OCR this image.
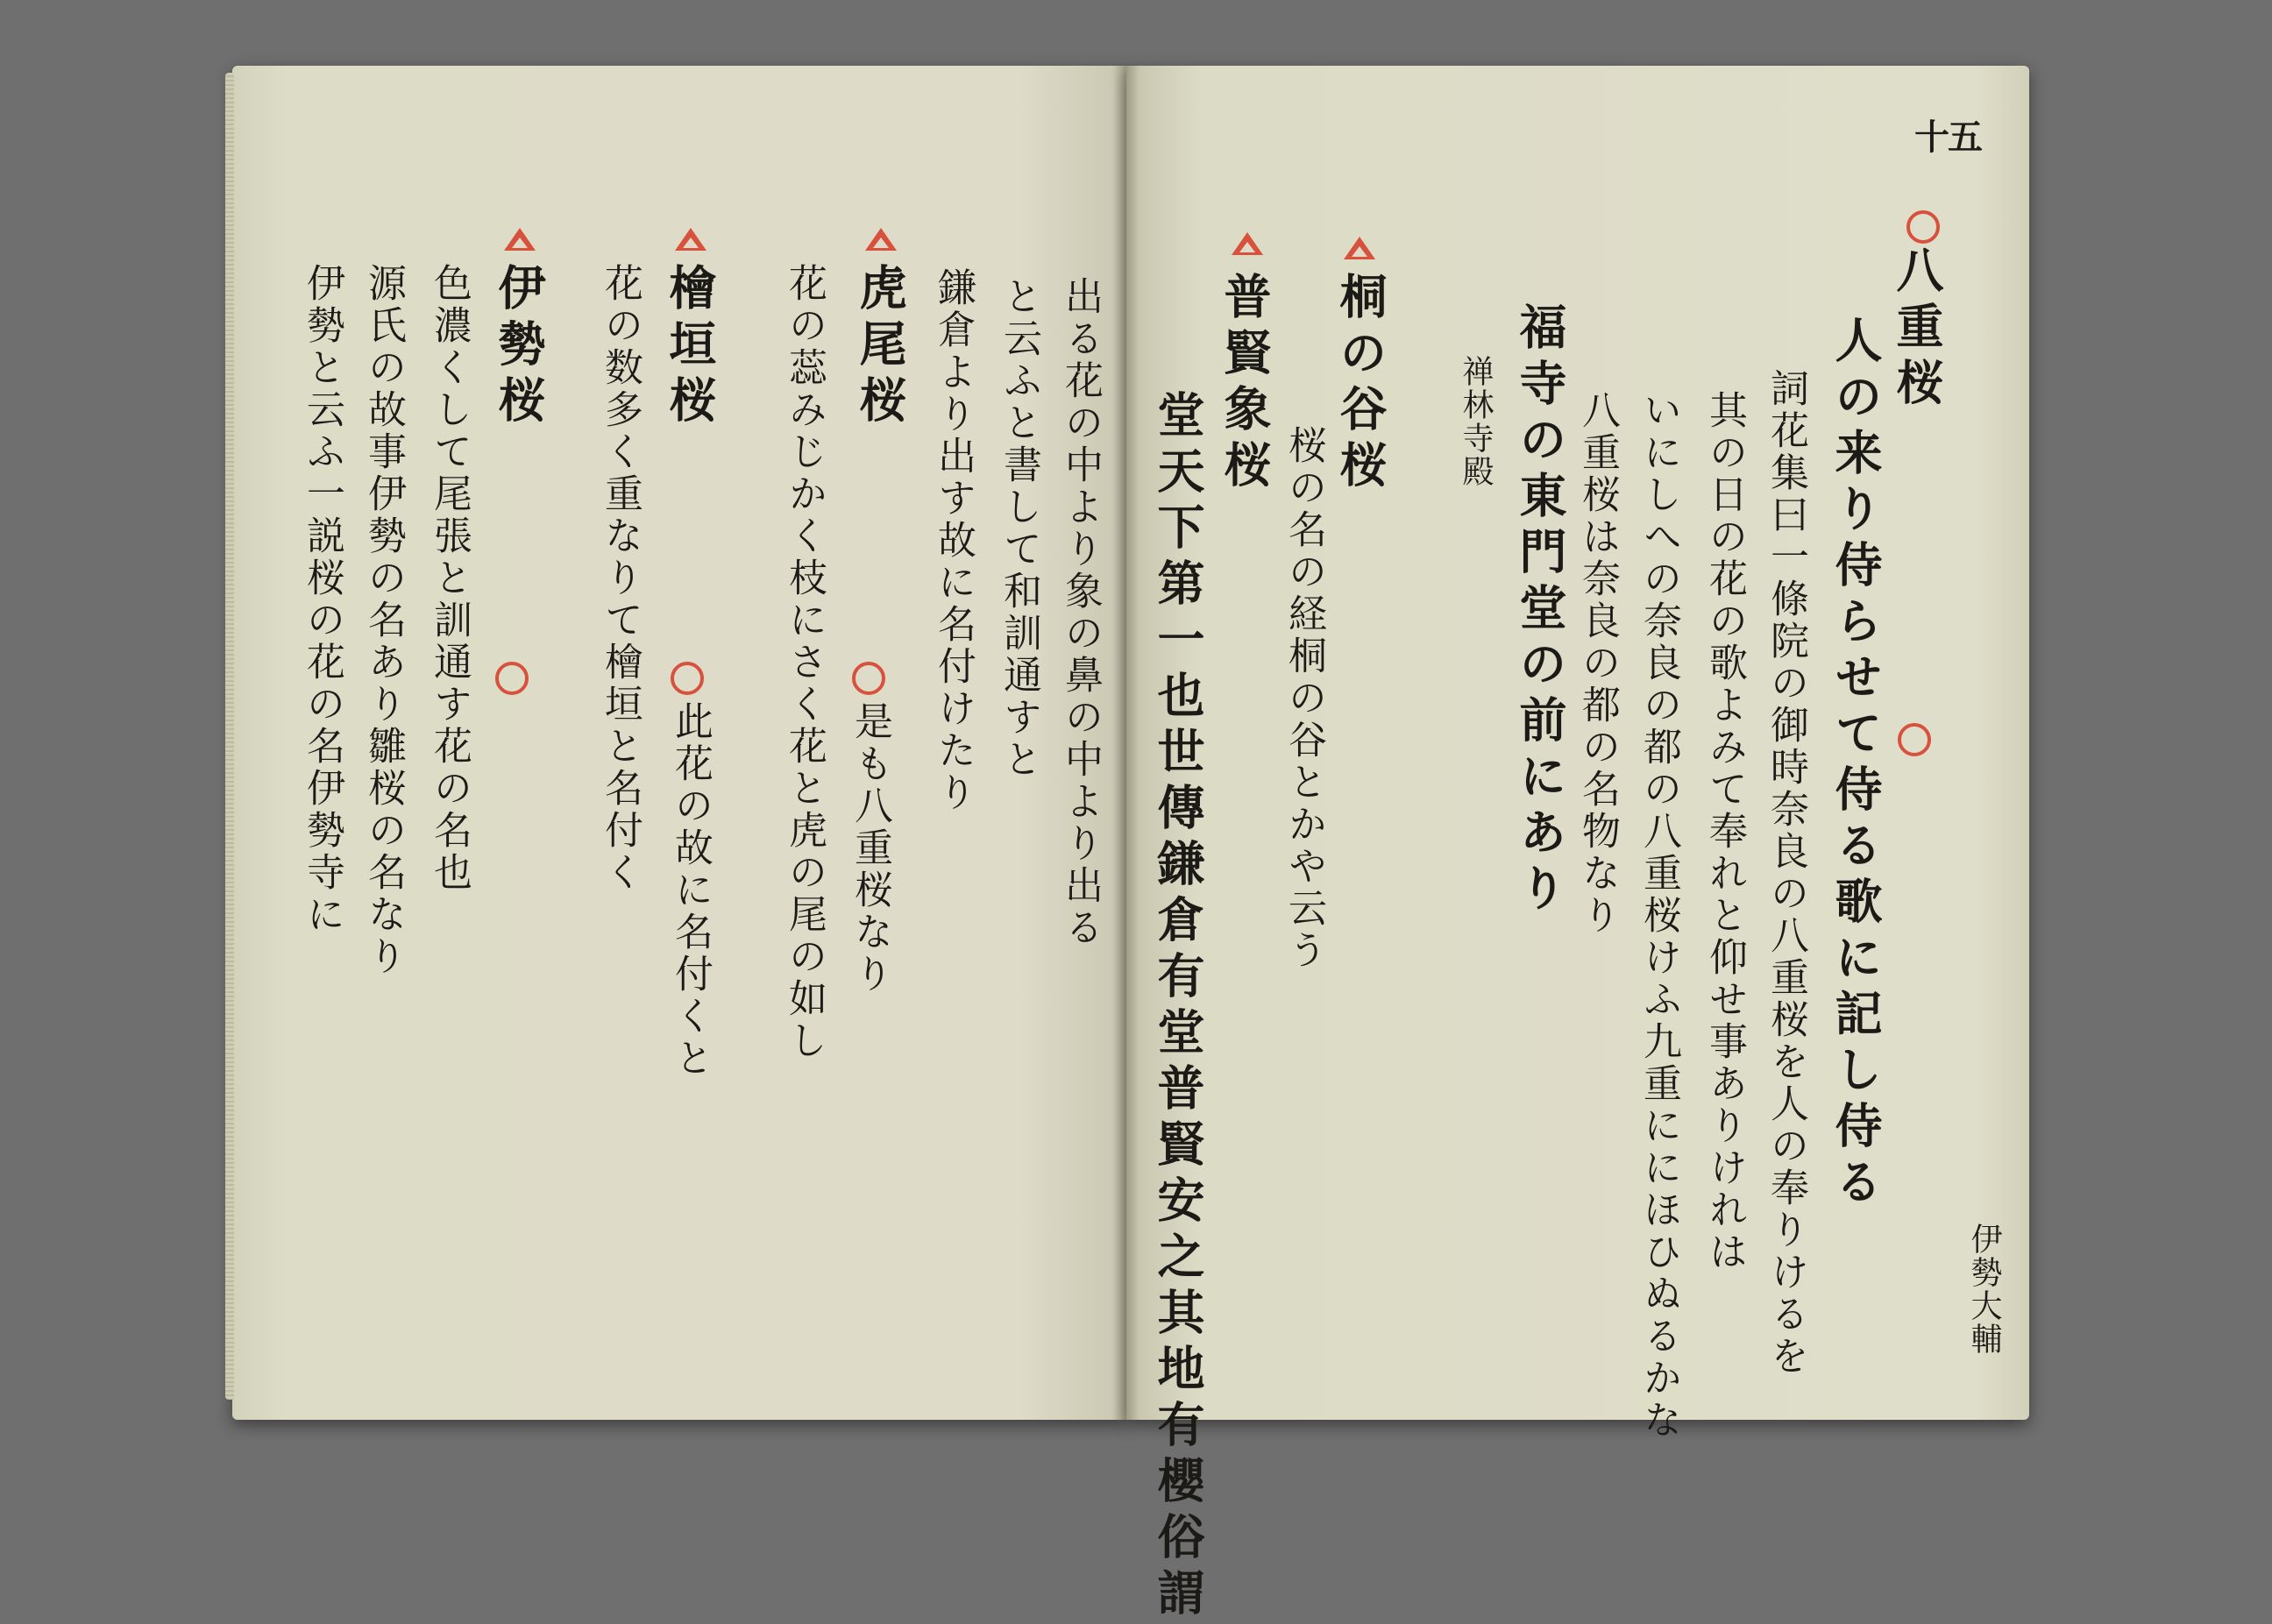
出る花の中より象の鼻の中より出る
と云ふと書して和訓通すと
鎌倉より出す故に名付けたり
虎尾桜
花の蕊みじかく枝にさく花と虎の尾の如し 是も八重桜なり
檜垣桜
花の数多く重なりて檜垣と名付く 此花の故に名付くと
伊勢桜
色濃くして尾張と訓通す花の名也
源氏の故事伊勢の名あり雛桜の名なり
伊勢と云ふ一説桜の花の名伊勢寺に
十五
八重桜
人の来り侍らせて侍る歌に記し侍る
伊勢大輔
詞花集曰一條院の御時奈良の八重桜を人の奉りけるを
其の日の花の歌よみて奉れと仰せ事ありけれは
いにしへの奈良の都の八重桜けふ九重ににほひぬるかな
八重桜は奈良の都の名物なり
福寺の東門堂の前にあり
禅林寺殿
桐の谷桜
桜の名の経桐の谷とかや云う
普賢象桜
堂天下第一也世傳鎌倉有堂普賢安之其地有櫻俗謂
